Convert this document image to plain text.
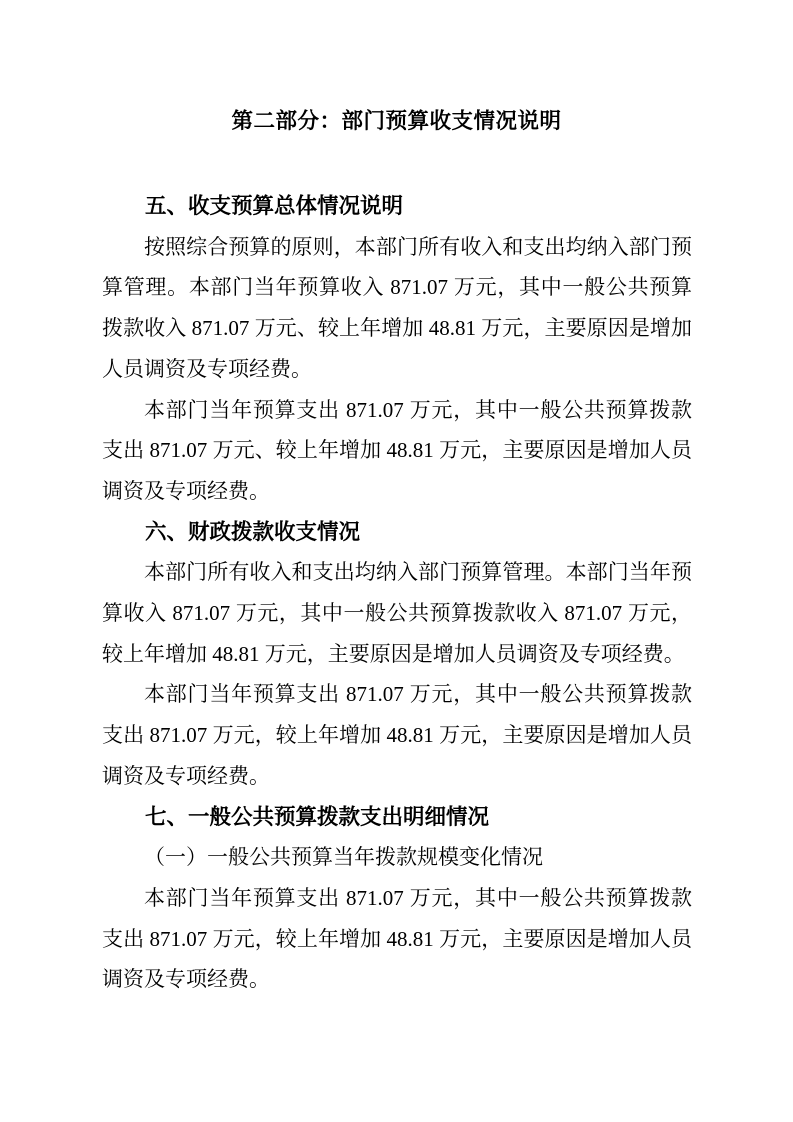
第二部分：部门预算收支情况说明
五、收支预算总体情况说明

按照综合预算的原则，本部门所有收入和支出均纳入部门预算管理。本部门当年预算收入 871.07 万元，其中一般公共预算拨款收入 871.07 万元、较上年增加 48.81 万元，主要原因是增加人员调资及专项经费。

本部门当年预算支出 871.07 万元，其中一般公共预算拨款支出 871.07 万元、较上年增加 48.81 万元，主要原因是增加人员调资及专项经费。

六、财政拨款收支情况

本部门所有收入和支出均纳入部门预算管理。本部门当年预算收入 871.07 万元，其中一般公共预算拨款收入 871.07 万元，较上年增加 48.81 万元，主要原因是增加人员调资及专项经费。

本部门当年预算支出 871.07 万元，其中一般公共预算拨款支出 871.07 万元，较上年增加 48.81 万元，主要原因是增加人员调资及专项经费。

七、一般公共预算拨款支出明细情况

（一）一般公共预算当年拨款规模变化情况

本部门当年预算支出 871.07 万元，其中一般公共预算拨款支出 871.07 万元，较上年增加 48.81 万元，主要原因是增加人员调资及专项经费。
